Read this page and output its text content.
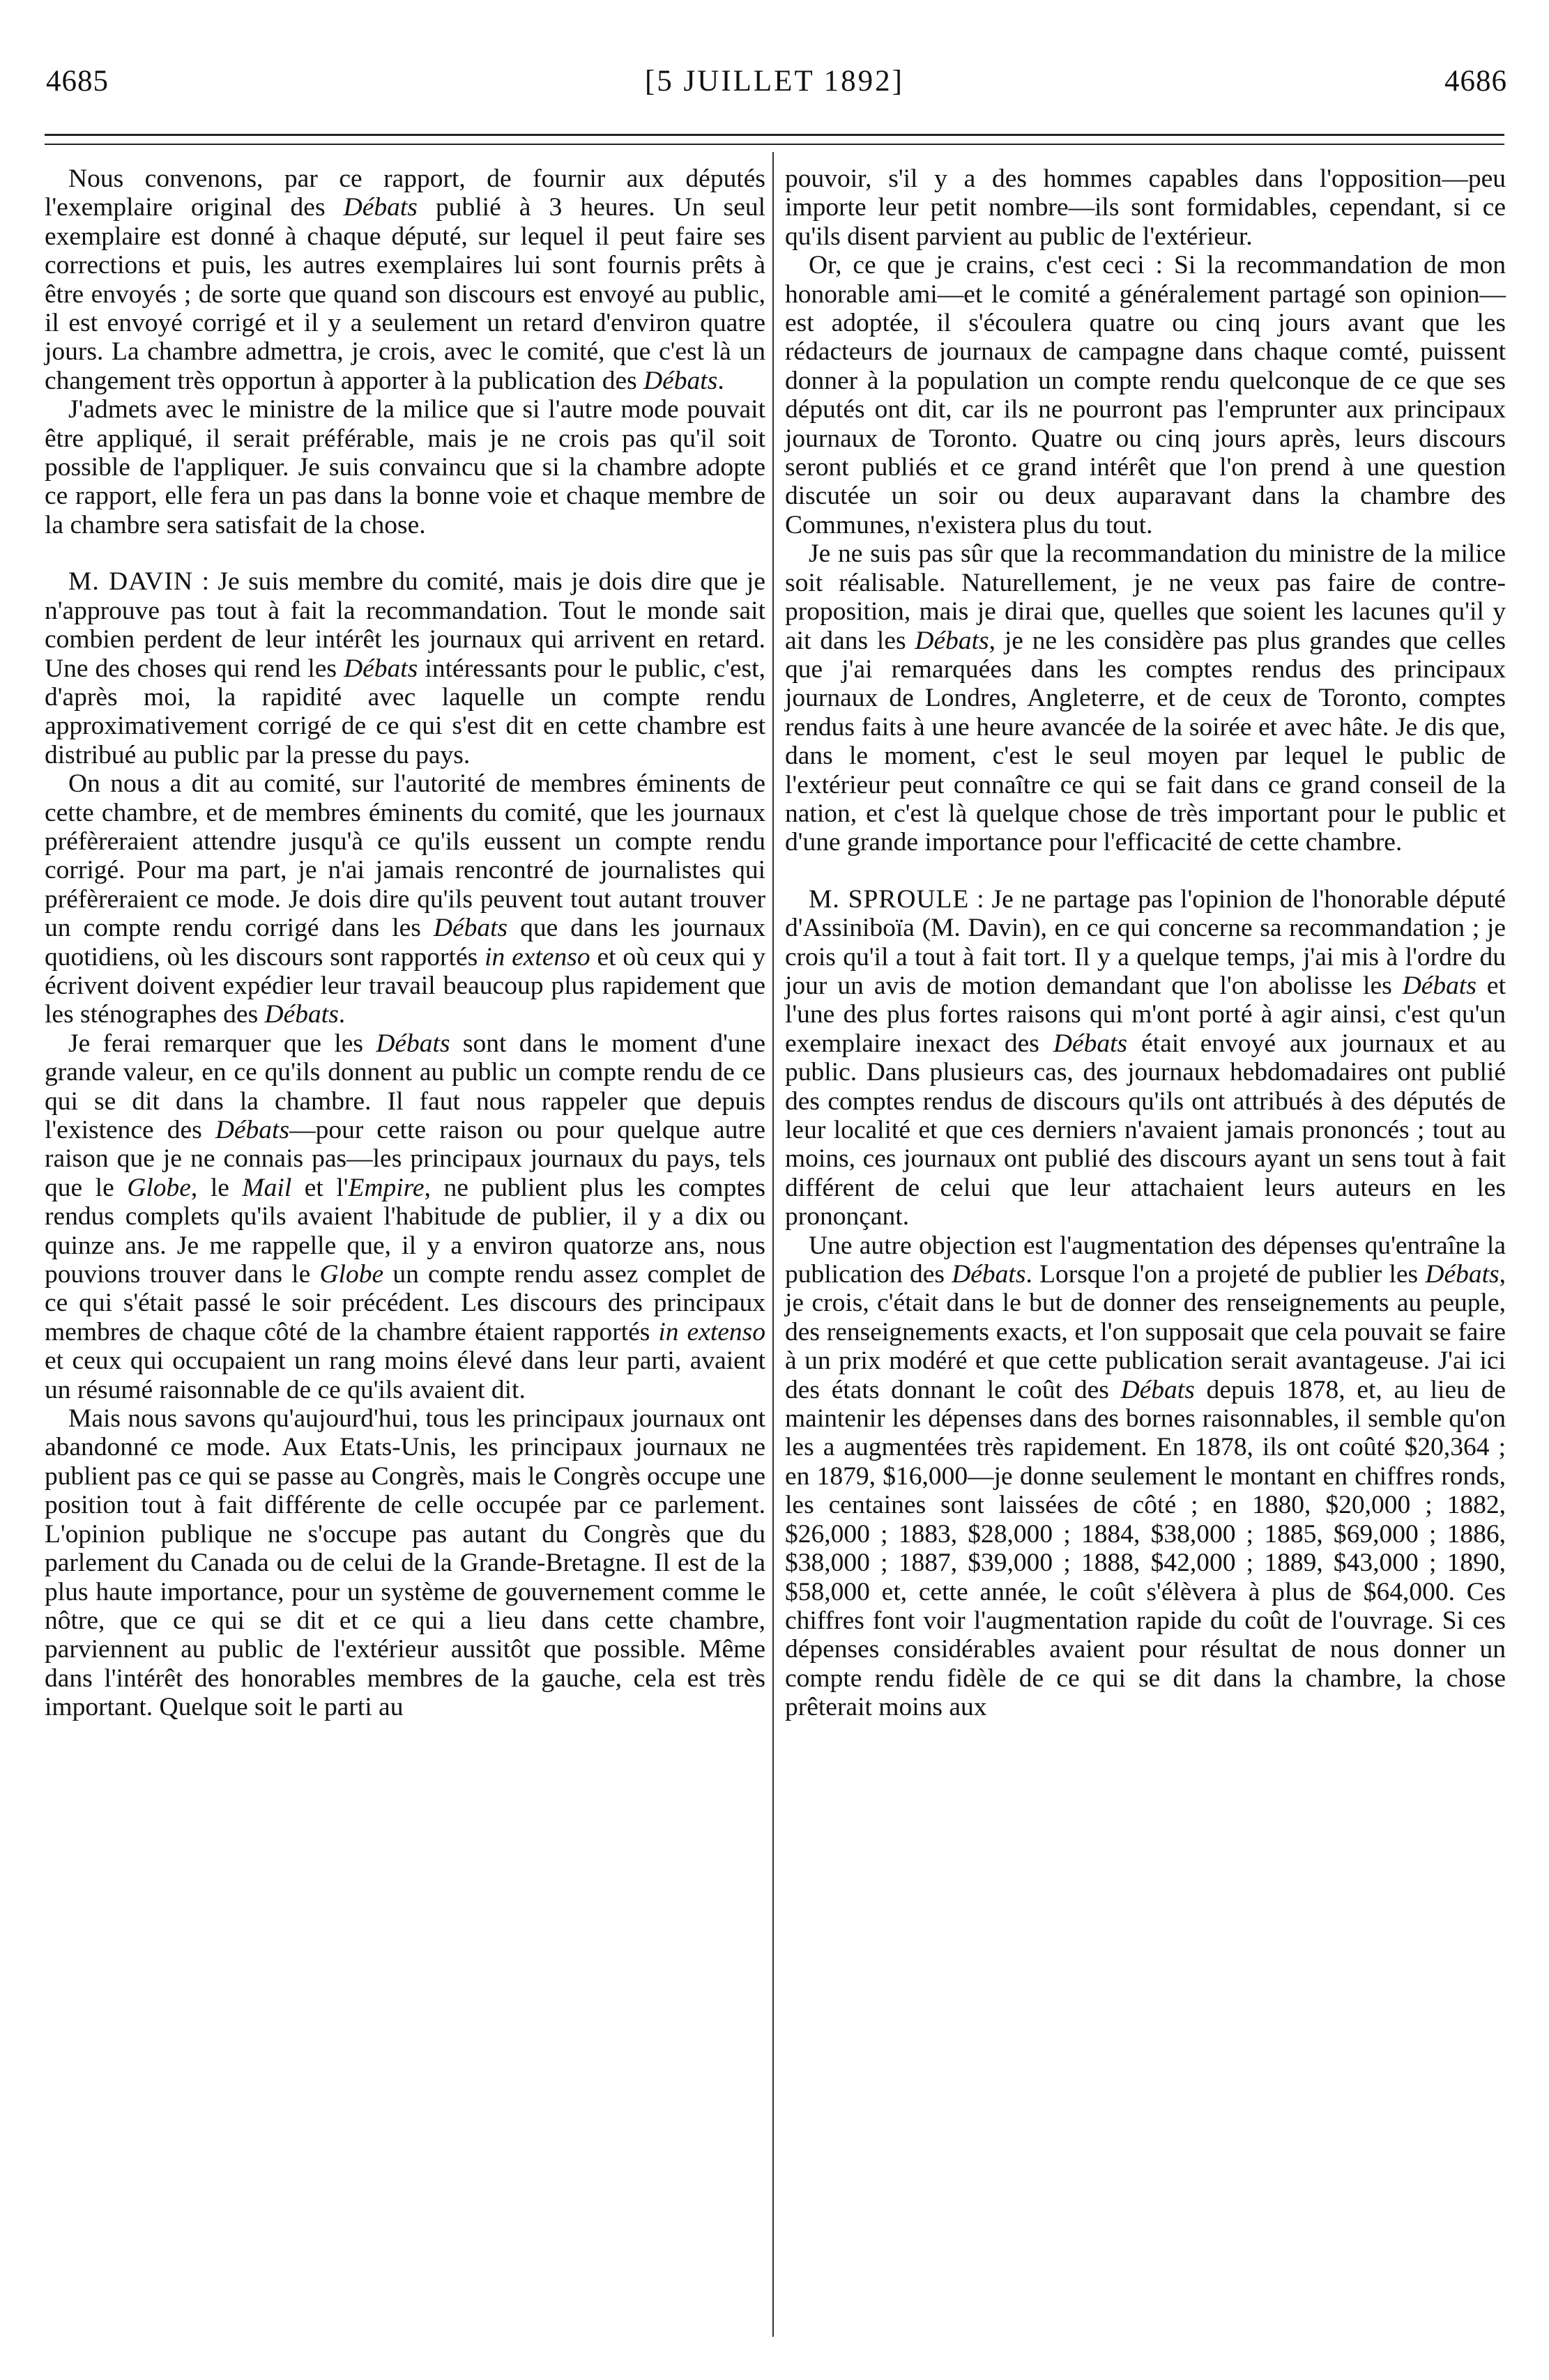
4685	[5 JUILLET 1892]	4686

Nous convenons, par ce rapport, de fournir aux députés l'exemplaire original des Débats publié à 3 heures. Un seul exemplaire est donné à chaque député, sur lequel il peut faire ses corrections et puis, les autres exemplaires lui sont fournis prêts à être envoyés ; de sorte que quand son discours est envoyé au public, il est envoyé corrigé et il y a seulement un retard d'environ quatre jours. La chambre admettra, je crois, avec le comité, que c'est là un changement très opportun à apporter à la publication des Débats.

J'admets avec le ministre de la milice que si l'autre mode pouvait être appliqué, il serait préférable, mais je ne crois pas qu'il soit possible de l'appliquer. Je suis convaincu que si la chambre adopte ce rapport, elle fera un pas dans la bonne voie et chaque membre de la chambre sera satisfait de la chose.

M. DAVIN : Je suis membre du comité, mais je dois dire que je n'approuve pas tout à fait la recommandation. Tout le monde sait combien perdent de leur intérêt les journaux qui arrivent en retard. Une des choses qui rend les Débats intéressants pour le public, c'est, d'après moi, la rapidité avec laquelle un compte rendu approximativement corrigé de ce qui s'est dit en cette chambre est distribué au public par la presse du pays.

On nous a dit au comité, sur l'autorité de membres éminents de cette chambre, et de membres éminents du comité, que les journaux préfèreraient attendre jusqu'à ce qu'ils eussent un compte rendu corrigé. Pour ma part, je n'ai jamais rencontré de journalistes qui préfèreraient ce mode. Je dois dire qu'ils peuvent tout autant trouver un compte rendu corrigé dans les Débats que dans les journaux quotidiens, où les discours sont rapportés in extenso et où ceux qui y écrivent doivent expédier leur travail beaucoup plus rapidement que les sténographes des Débats.

Je ferai remarquer que les Débats sont dans le moment d'une grande valeur, en ce qu'ils donnent au public un compte rendu de ce qui se dit dans la chambre. Il faut nous rappeler que depuis l'existence des Débats—pour cette raison ou pour quelque autre raison que je ne connais pas—les principaux journaux du pays, tels que le Globe, le Mail et l'Empire, ne publient plus les comptes rendus complets qu'ils avaient l'habitude de publier, il y a dix ou quinze ans. Je me rappelle que, il y a environ quatorze ans, nous pouvions trouver dans le Globe un compte rendu assez complet de ce qui s'était passé le soir précédent. Les discours des principaux membres de chaque côté de la chambre étaient rapportés in extenso et ceux qui occupaient un rang moins élevé dans leur parti, avaient un résumé raisonnable de ce qu'ils avaient dit.

Mais nous savons qu'aujourd'hui, tous les principaux journaux ont abandonné ce mode. Aux Etats-Unis, les principaux journaux ne publient pas ce qui se passe au Congrès, mais le Congrès occupe une position tout à fait différente de celle occupée par ce parlement. L'opinion publique ne s'occupe pas autant du Congrès que du parlement du Canada ou de celui de la Grande-Bretagne. Il est de la plus haute importance, pour un système de gouvernement comme le nôtre, que ce qui se dit et ce qui a lieu dans cette chambre, parviennent au public de l'extérieur aussitôt que possible. Même dans l'intérêt des honorables membres de la gauche, cela est très important. Quelque soit le parti au

pouvoir, s'il y a des hommes capables dans l'opposition—peu importe leur petit nombre—ils sont formidables, cependant, si ce qu'ils disent parvient au public de l'extérieur.

Or, ce que je crains, c'est ceci : Si la recommandation de mon honorable ami—et le comité a généralement partagé son opinion—est adoptée, il s'écoulera quatre ou cinq jours avant que les rédacteurs de journaux de campagne dans chaque comté, puissent donner à la population un compte rendu quelconque de ce que ses députés ont dit, car ils ne pourront pas l'emprunter aux principaux journaux de Toronto. Quatre ou cinq jours après, leurs discours seront publiés et ce grand intérêt que l'on prend à une question discutée un soir ou deux auparavant dans la chambre des Communes, n'existera plus du tout.

Je ne suis pas sûr que la recommandation du ministre de la milice soit réalisable. Naturellement, je ne veux pas faire de contre-proposition, mais je dirai que, quelles que soient les lacunes qu'il y ait dans les Débats, je ne les considère pas plus grandes que celles que j'ai remarquées dans les comptes rendus des principaux journaux de Londres, Angleterre, et de ceux de Toronto, comptes rendus faits à une heure avancée de la soirée et avec hâte. Je dis que, dans le moment, c'est le seul moyen par lequel le public de l'extérieur peut connaître ce qui se fait dans ce grand conseil de la nation, et c'est là quelque chose de très important pour le public et d'une grande importance pour l'efficacité de cette chambre.

M. SPROULE : Je ne partage pas l'opinion de l'honorable député d'Assiniboïa (M. Davin), en ce qui concerne sa recommandation ; je crois qu'il a tout à fait tort. Il y a quelque temps, j'ai mis à l'ordre du jour un avis de motion demandant que l'on abolisse les Débats et l'une des plus fortes raisons qui m'ont porté à agir ainsi, c'est qu'un exemplaire inexact des Débats était envoyé aux journaux et au public. Dans plusieurs cas, des journaux hebdomadaires ont publié des comptes rendus de discours qu'ils ont attribués à des députés de leur localité et que ces derniers n'avaient jamais prononcés ; tout au moins, ces journaux ont publié des discours ayant un sens tout à fait différent de celui que leur attachaient leurs auteurs en les prononçant.

Une autre objection est l'augmentation des dépenses qu'entraîne la publication des Débats. Lorsque l'on a projeté de publier les Débats, je crois, c'était dans le but de donner des renseignements au peuple, des renseignements exacts, et l'on supposait que cela pouvait se faire à un prix modéré et que cette publication serait avantageuse. J'ai ici des états donnant le coût des Débats depuis 1878, et, au lieu de maintenir les dépenses dans des bornes raisonnables, il semble qu'on les a augmentées très rapidement. En 1878, ils ont coûté $20,364 ; en 1879, $16,000—je donne seulement le montant en chiffres ronds, les centaines sont laissées de côté ; en 1880, $20,000 ; 1882, $26,000 ; 1883, $28,000 ; 1884, $38,000 ; 1885, $69,000 ; 1886, $38,000 ; 1887, $39,000 ; 1888, $42,000 ; 1889, $43,000 ; 1890, $58,000 et, cette année, le coût s'élèvera à plus de $64,000. Ces chiffres font voir l'augmentation rapide du coût de l'ouvrage. Si ces dépenses considérables avaient pour résultat de nous donner un compte rendu fidèle de ce qui se dit dans la chambre, la chose prêterait moins aux
